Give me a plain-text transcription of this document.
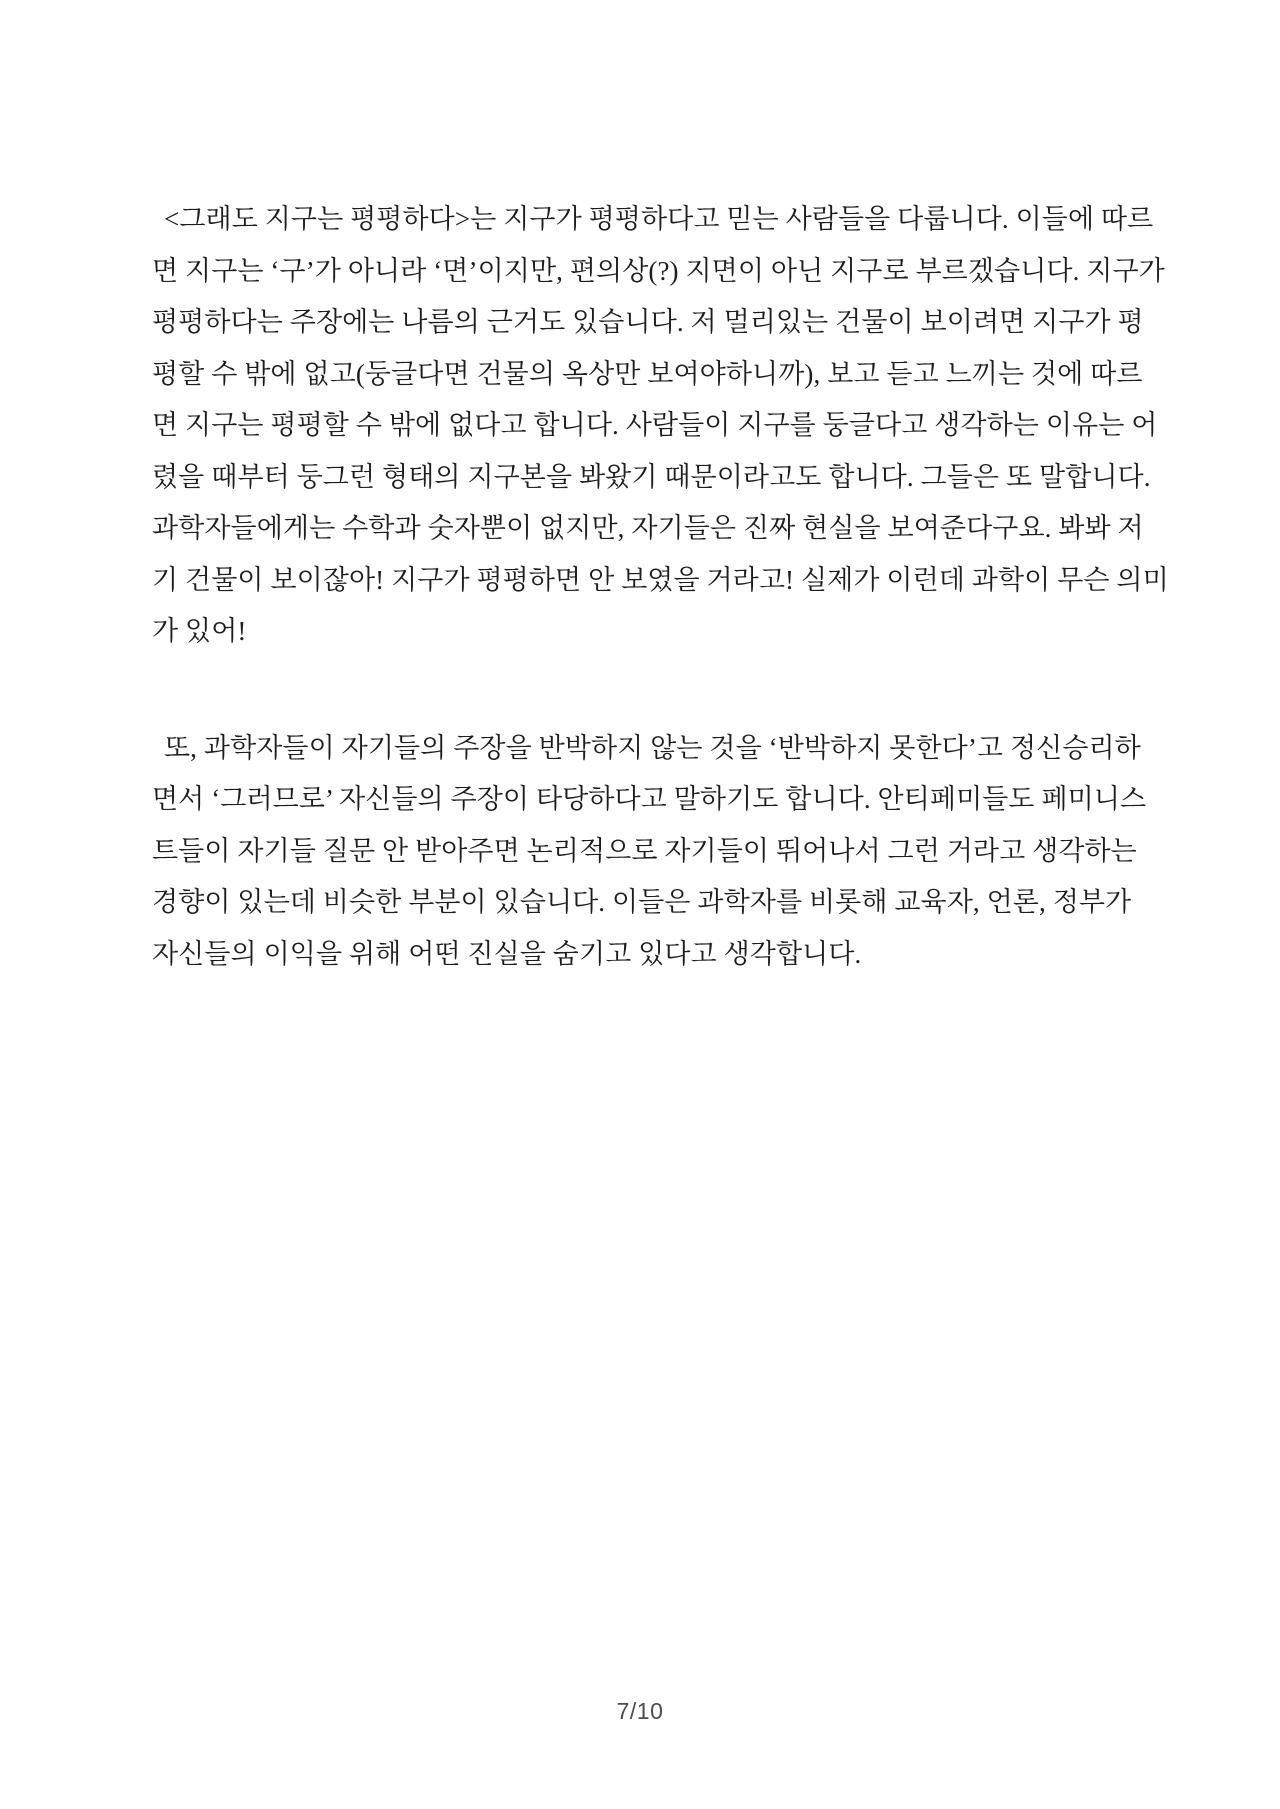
<그래도 지구는 평평하다>는 지구가 평평하다고 믿는 사람들을 다룹니다. 이들에 따르
면 지구는 ‘구’가 아니라 ‘면’이지만, 편의상(?) 지면이 아닌 지구로 부르겠습니다. 지구가
평평하다는 주장에는 나름의 근거도 있습니다. 저 멀리있는 건물이 보이려면 지구가 평
평할 수 밖에 없고(둥글다면 건물의 옥상만 보여야하니까), 보고 듣고 느끼는 것에 따르
면 지구는 평평할 수 밖에 없다고 합니다. 사람들이 지구를 둥글다고 생각하는 이유는 어
렸을 때부터 둥그런 형태의 지구본을 봐왔기 때문이라고도 합니다. 그들은 또 말합니다.
과학자들에게는 수학과 숫자뿐이 없지만, 자기들은 진짜 현실을 보여준다구요. 봐봐 저
기 건물이 보이잖아! 지구가 평평하면 안 보였을 거라고! 실제가 이런데 과학이 무슨 의미
가 있어!
또, 과학자들이 자기들의 주장을 반박하지 않는 것을 ‘반박하지 못한다’고 정신승리하
면서 ‘그러므로’ 자신들의 주장이 타당하다고 말하기도 합니다. 안티페미들도 페미니스
트들이 자기들 질문 안 받아주면 논리적으로 자기들이 뛰어나서 그런 거라고 생각하는
경향이 있는데 비슷한 부분이 있습니다. 이들은 과학자를 비롯해 교육자, 언론, 정부가
자신들의 이익을 위해 어떤 진실을 숨기고 있다고 생각합니다.
7/10
